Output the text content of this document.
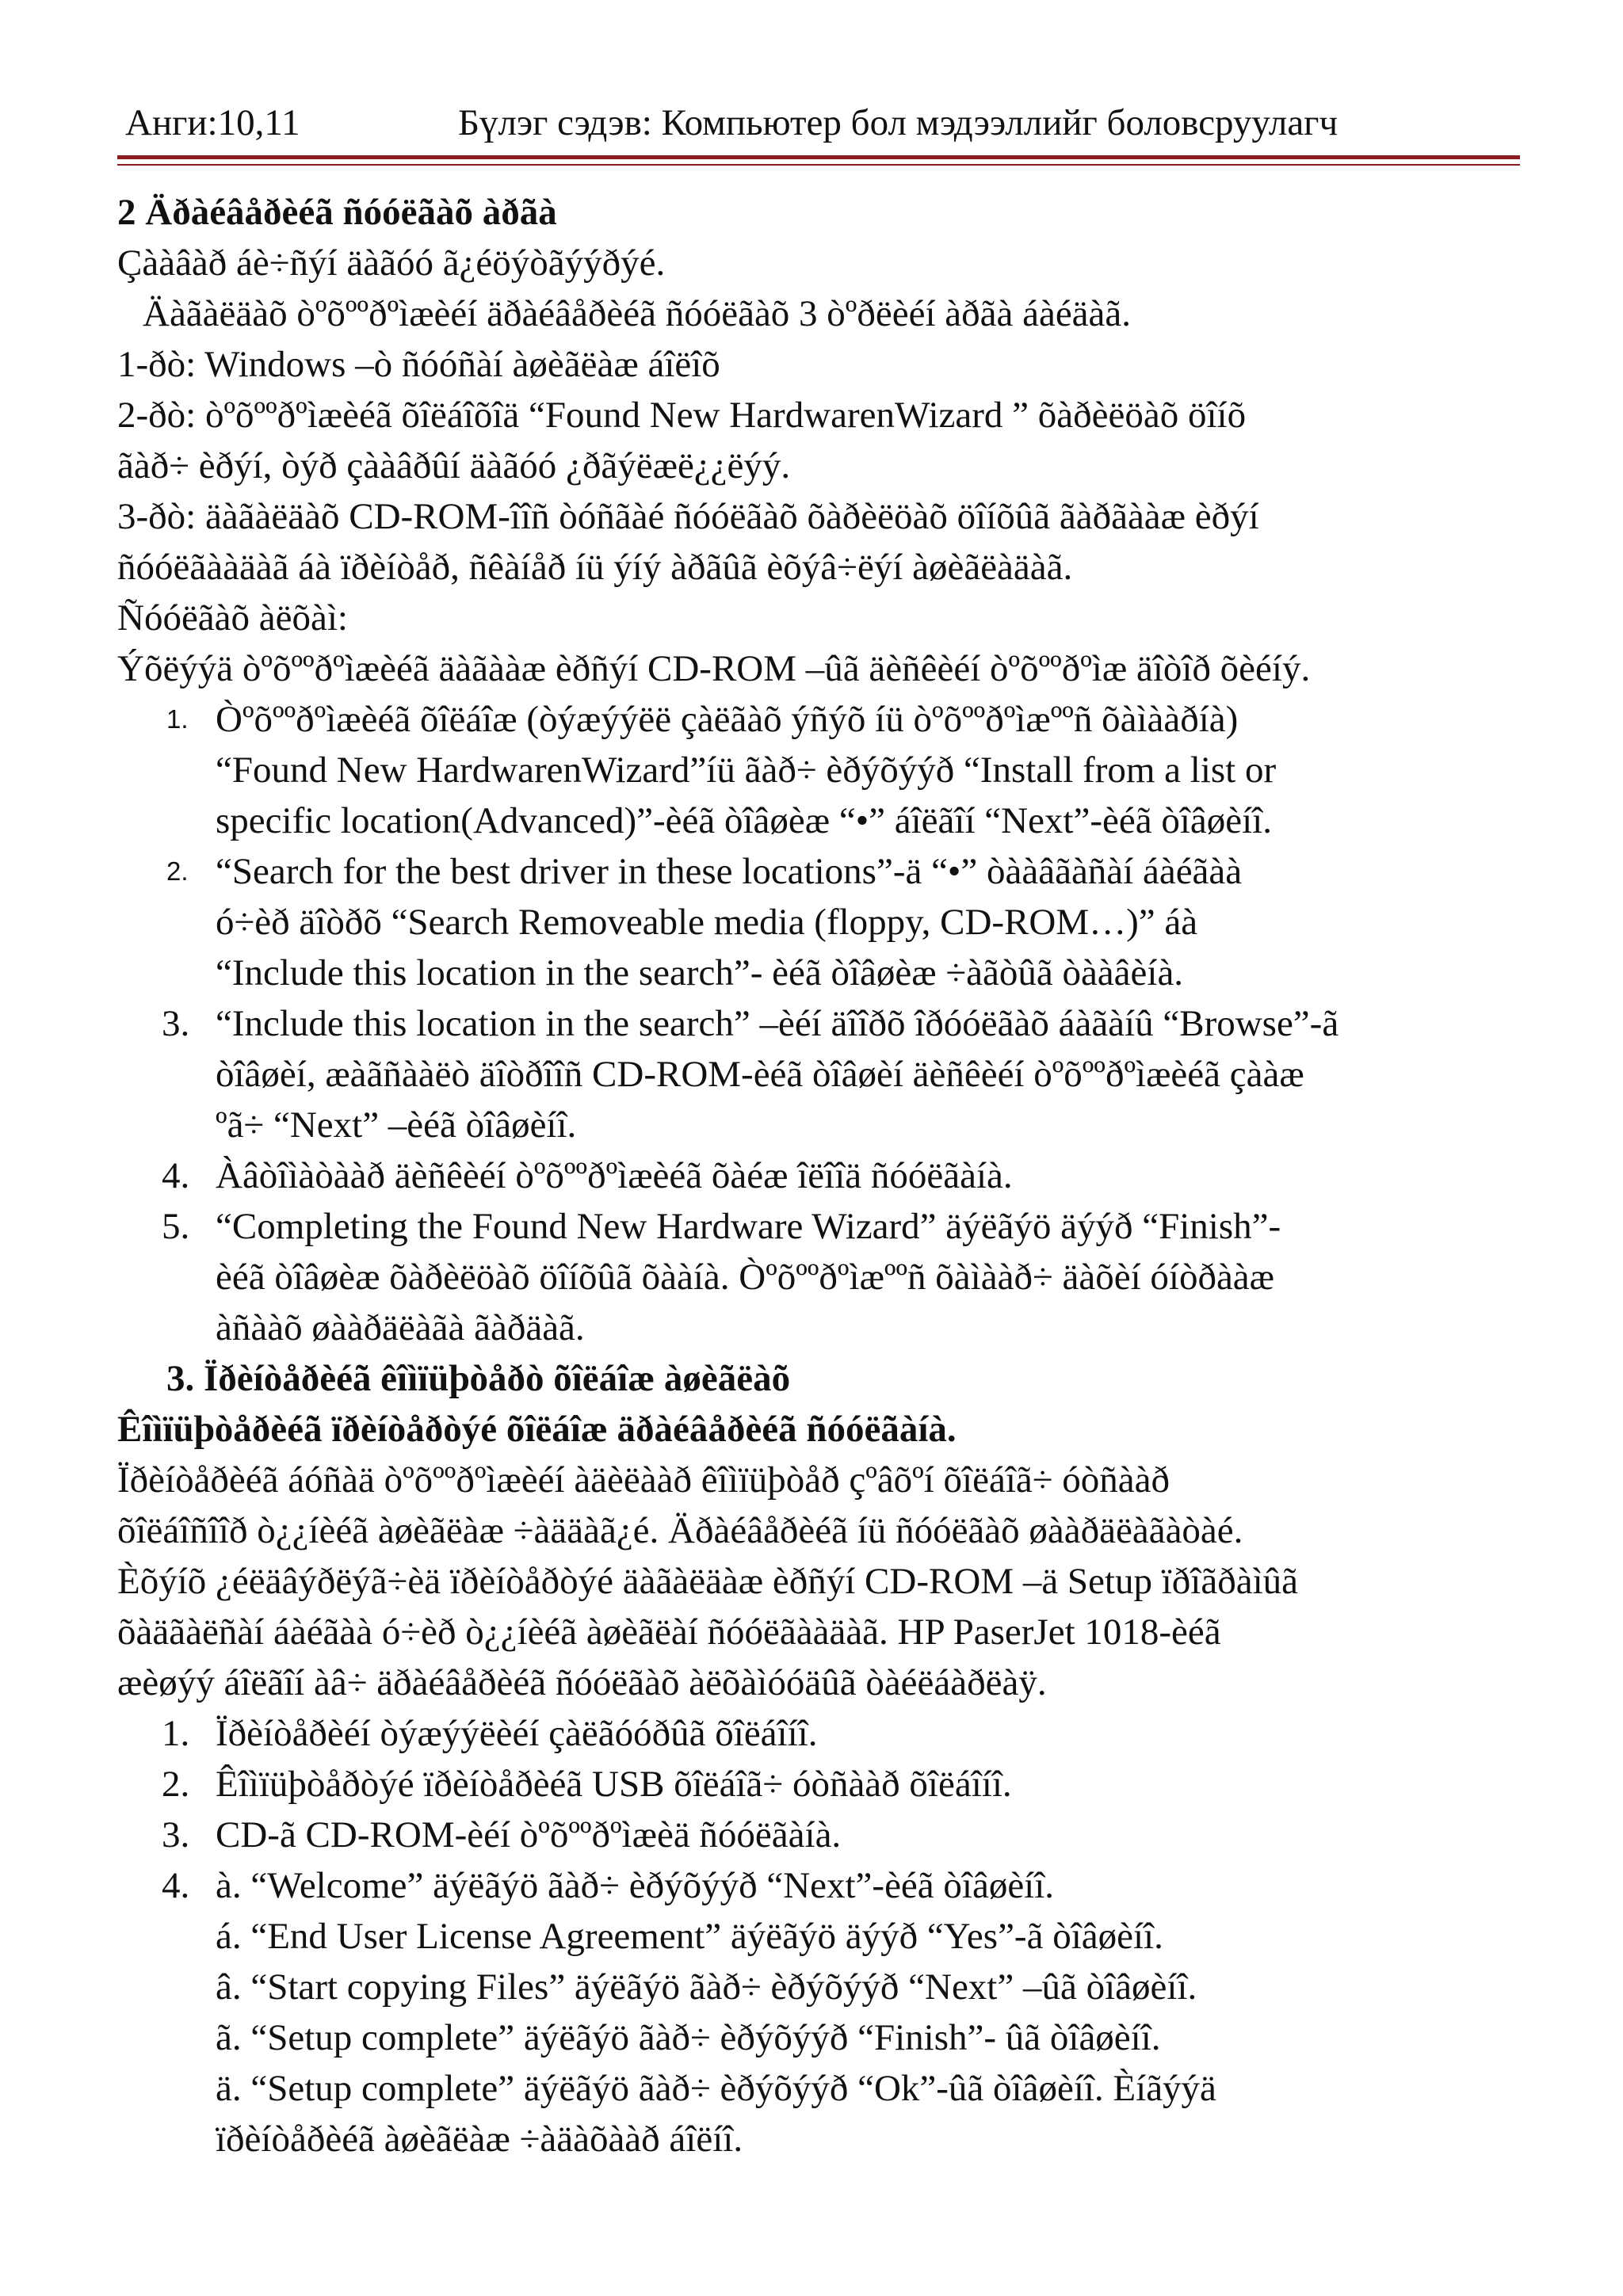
Анги:10,11	Бүлэг сэдэв: Компьютер бол мэдээллийг боловсруулагч

2 Äðàéâåðèéã ñóóëãàõ àðãà

Çààâàð áè÷ñýí äàãóó ã¿éöýòãýýðýé.

Äàãàëäàõ òºõººðºìæèéí äðàéâåðèéã ñóóëãàõ 3 òºðëèéí àðãà áàéäàã.

1-ðò: Windows –ò ñóóñàí àøèãëàæ áîëîõ

2-ðò: òºõººðºìæèéã õîëáîõîä “Found New HardwarenWizard ” õàðèëöàõ öîíõ

ãàð÷ èðýí, òýð çààâðûí äàãóó ¿ðãýëæë¿¿ëýý.

3-ðò: äàãàëäàõ CD-ROM-îîñ òóñãàé ñóóëãàõ õàðèëöàõ öîíõûã ãàðãààæ èðýí

ñóóëãààäàã áà ïðèíòåð, ñêàíåð íü ýíý àðãûã èõýâ÷ëýí àøèãëàäàã.

Ñóóëãàõ àëõàì:

Ýõëýýä òºõººðºìæèéã äàãààæ èðñýí CD-ROM –ûã äèñêèéí òºõººðºìæ äîòîð õèéíý.

1. Òºõººðºìæèéã õîëáîæ (òýæýýëë çàëãàõ ýñýõ íü òºõººðºìæººñ õàìààðíà)
“Found New HardwarenWizard”íü ãàð÷ èðýõýýð “Install from a list or
specific location(Advanced)”-èéã òîâøèæ “•” áîëãîí “Next”-èéã òîâøèíî.
2. “Search for the best driver in these locations”-ä “•” òààâãàñàí áàéãàà
ó÷èð äîòðõ “Search Removeable media (floppy, CD-ROM…)” áà
“Include this location in the search”- èéã òîâøèæ ÷àãòûã òààâèíà.
3. “Include this location in the search” –èéí äîîðõ îðóóëãàõ áàãàíû “Browse”-ã
òîâøèí, æàãñààëò äîòðîîñ CD-ROM-èéã òîâøèí äèñêèéí òºõººðºìæèéã çààæ
ºã÷ “Next” –èéã òîâøèíî.
4. Àâòîìàòààð äèñêèéí òºõººðºìæèéã õàéæ îëîîä ñóóëãàíà.
5. “Completing the Found New Hardware Wizard” äýëãýö äýýð “Finish”-
èéã òîâøèæ õàðèëöàõ öîíõûã õààíà. Òºõººðºìæººñ õàìààð÷ äàõèí óíòðààæ
àñààõ øààðäëàãà ãàðäàã.

3. Ïðèíòåðèéã êîìïüþòåðò õîëáîæ àøèãëàõ

Êîìïüþòåðèéã ïðèíòåðòýé õîëáîæ äðàéâåðèéã ñóóëãàíà.

Ïðèíòåðèéã áóñàä òºõººðºìæèéí àäèëààð êîìïüþòåð çºâõºí õîëáîã÷ óòñààð

õîëáîñîîð ò¿¿íèéã àøèãëàæ ÷àääàã¿é. Äðàéâåðèéã íü ñóóëãàõ øààðäëàãàòàé.

Èõýíõ ¿éëäâýðëýã÷èä ïðèíòåðòýé äàãàëäàæ èðñýí CD-ROM –ä Setup ïðîãðàìûã

õàäãàëñàí áàéãàà ó÷èð ò¿¿íèéã àøèãëàí ñóóëãààäàã. HP PaserJet 1018-èéã

æèøýý áîëãîí àâ÷ äðàéâåðèéã ñóóëãàõ àëõàìóóäûã òàéëáàðëàÿ.

1. Ïðèíòåðèéí òýæýýëèéí çàëãóóðûã õîëáîíî.
2. Êîìïüþòåðòýé ïðèíòåðèéã USB õîëáîã÷ óòñààð õîëáîíî.
3. CD-ã CD-ROM-èéí òºõººðºìæèä ñóóëãàíà.
4. à. “Welcome” äýëãýö ãàð÷ èðýõýýð “Next”-èéã òîâøèíî.
á. “End User License Agreement” äýëãýö äýýð “Yes”-ã òîâøèíî.
â. “Start copying Files” äýëãýö ãàð÷ èðýõýýð “Next” –ûã òîâøèíî.
ã. “Setup complete” äýëãýö ãàð÷ èðýõýýð “Finish”- ûã òîâøèíî.
ä. “Setup complete” äýëãýö ãàð÷ èðýõýýð “Ok”-ûã òîâøèíî. Èíãýýä
ïðèíòåðèéã àøèãëàæ ÷àäàõààð áîëíî.
